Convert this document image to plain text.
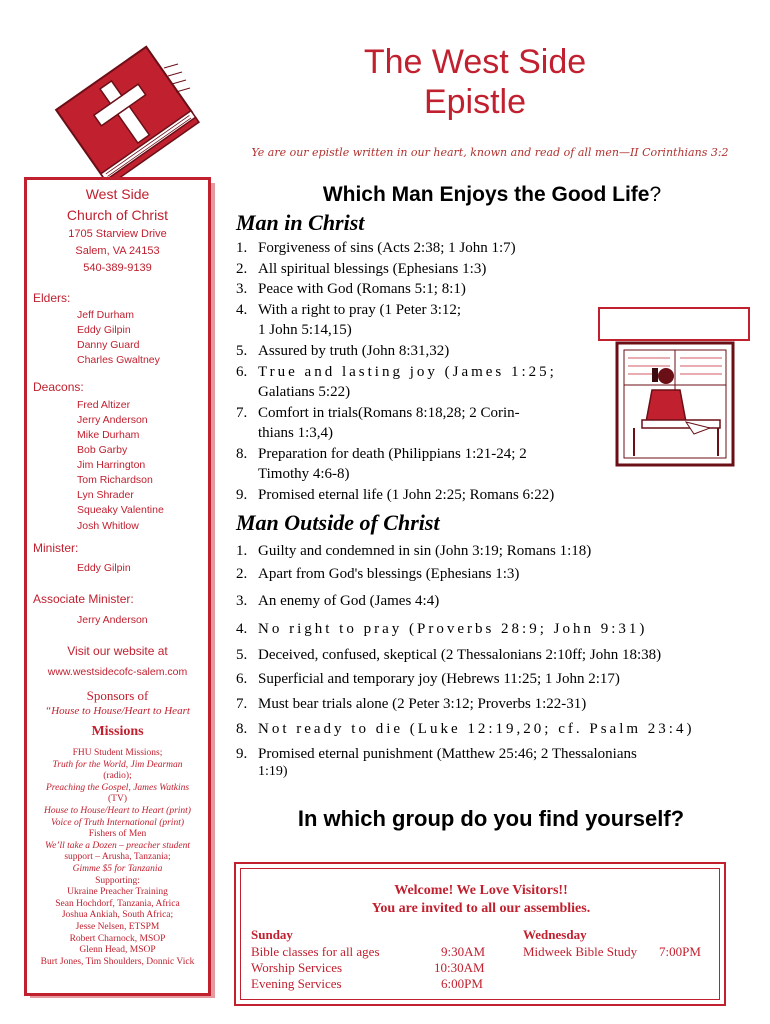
The West Side
Epistle
Ye are our epistle written in our heart, known and read of all men—II Corinthians 3:2
West Side
Church of Christ
1705 Starview Drive
Salem, VA 24153
540-389-9139
Elders:
Jeff Durham
Eddy Gilpin
Danny Guard
Charles Gwaltney
Deacons:
Fred Altizer
Jerry Anderson
Mike Durham
Bob Garby
Jim Harrington
Tom Richardson
Lyn Shrader
Squeaky Valentine
Josh Whitlow
Minister:
Eddy Gilpin
Associate Minister:
Jerry Anderson
Visit our website at
www.westsidecofc-salem.com
Sponsors of
“House to House/Heart to Heart
Missions
FHU Student Missions;
Truth for the World, Jim Dearman
(radio);
Preaching the Gospel, James Watkins
(TV)
House to House/Heart to Heart (print)
Voice of Truth International (print)
Fishers of Men
We’ll take a Dozen – preacher student
support – Arusha, Tanzania;
Gimme $5 for Tanzania
Supporting:
Ukraine Preacher Training
Sean Hochdorf, Tanzania, Africa
Joshua Ankiah, South Africa;
Jesse Nelsen, ETSPM
Robert Charnock, MSOP
Glenn Head, MSOP
Burt Jones, Tim Shoulders, Donnic Vick
Which Man Enjoys the Good Life?
Man in Christ
1. Forgiveness of sins (Acts 2:38; 1 John 1:7)
2. All spiritual blessings (Ephesians 1:3)
3. Peace with God (Romans 5:1; 8:1)
4. With a right to pray (1 Peter 3:12;
1 John 5:14,15)
5. Assured by truth (John 8:31,32)
6. True and lasting joy (James 1:25;
Galatians 5:22)
7. Comfort in trials(Romans 8:18,28; 2 Corin-
thians 1:3,4)
8. Preparation for death (Philippians 1:21-24; 2
Timothy 4:6-8)
9. Promised eternal life (1 John 2:25; Romans 6:22)
Man Outside of Christ
1. Guilty and condemned in sin (John 3:19; Romans 1:18)
2. Apart from God's blessings (Ephesians 1:3)
3. An enemy of God (James 4:4)
4. No right to pray (Proverbs 28:9; John 9:31)
5. Deceived, confused, skeptical (2 Thessalonians 2:10ff; John 18:38)
6. Superficial and temporary joy (Hebrews 11:25; 1 John 2:17)
7. Must bear trials alone (2 Peter 3:12; Proverbs 1:22-31)
8. Not ready to die (Luke 12:19,20; cf. Psalm 23:4)
9. Promised eternal punishment (Matthew 25:46; 2 Thessalonians
1:19)
In which group do you find yourself?
Welcome! We Love Visitors!!
You are invited to all our assemblies.
Sunday
Bible classes for all ages	9:30AM
Worship Services	10:30AM
Evening Services	6:00PM
Wednesday
Midweek Bible Study 7:00PM
